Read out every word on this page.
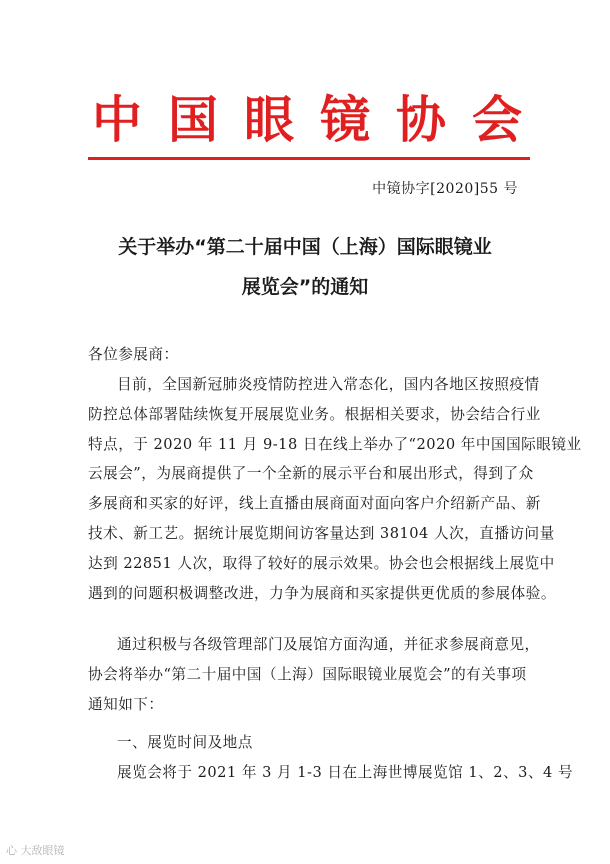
中 国 眼 镜 协 会
中镜协字[2020]55 号
关于举办“第二十届中国（上海）国际眼镜业
展览会”的通知
各位参展商：
目前，全国新冠肺炎疫情防控进入常态化，国内各地区按照疫情
防控总体部署陆续恢复开展展览业务。根据相关要求，协会结合行业
特点，于 2020 年 11 月 9-18 日在线上举办了“2020 年中国国际眼镜业
云展会”，为展商提供了一个全新的展示平台和展出形式，得到了众
多展商和买家的好评，线上直播由展商面对面向客户介绍新产品、新
技术、新工艺。据统计展览期间访客量达到 38104 人次，直播访问量
达到 22851 人次，取得了较好的展示效果。协会也会根据线上展览中
遇到的问题积极调整改进，力争为展商和买家提供更优质的参展体验。
通过积极与各级管理部门及展馆方面沟通，并征求参展商意见，
协会将举办“第二十届中国（上海）国际眼镜业展览会”的有关事项
通知如下：
一、展览时间及地点
展览会将于 2021 年 3 月 1-3 日在上海世博展览馆 1、2、3、4 号
心 大敌眼镜
